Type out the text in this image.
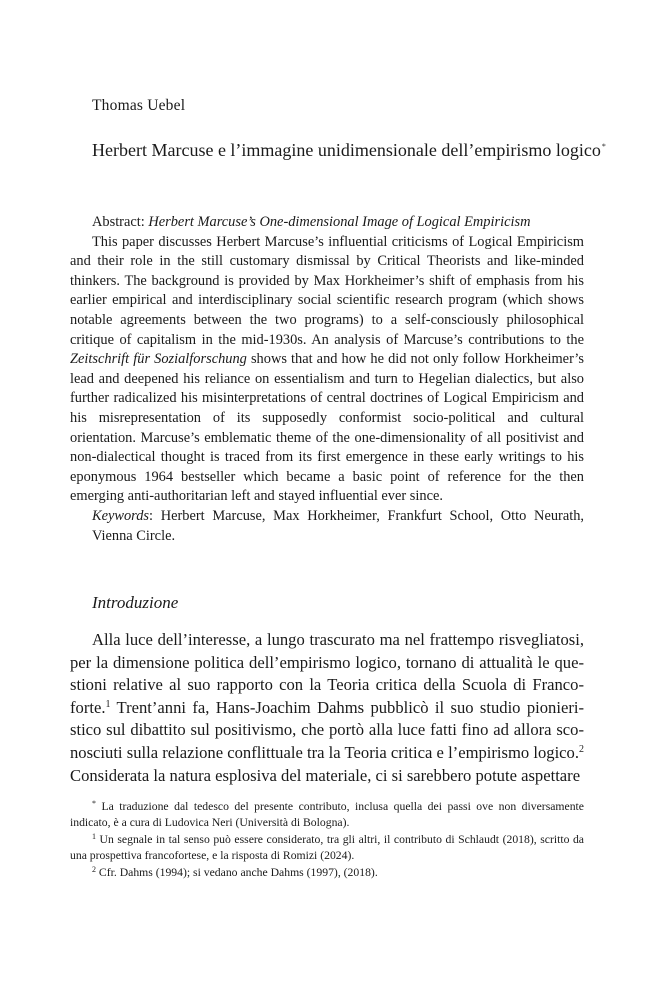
Thomas Uebel
Herbert Marcuse e l’immagine unidimensionale dell’empirismo logico*
Abstract: Herbert Marcuse’s One-dimensional Image of Logical Empiricism
This paper discusses Herbert Marcuse’s influential criticisms of Logical Empiricism and their role in the still customary dismissal by Critical Theorists and like-minded thinkers. The background is provided by Max Horkheimer’s shift of emphasis from his earlier empirical and interdisciplinary social scientific research program (which shows notable agreements between the two programs) to a self-consciously philosophical critique of capitalism in the mid-1930s. An analysis of Marcuse’s contributions to the Zeitschrift für Sozialforschung shows that and how he did not only follow Horkheimer’s lead and deepened his reliance on essentialism and turn to Hegelian dialectics, but also further radicalized his misinterpretations of central doctrines of Logical Empiricism and his misrepresentation of its supposedly conformist socio-political and cultural orientation. Marcuse’s emblematic theme of the one-dimensionality of all positivist and non-dialectical thought is traced from its first emergence in these early writings to his eponymous 1964 bestseller which became a basic point of reference for the then emerging anti-authoritarian left and stayed influential ever since.
Keywords: Herbert Marcuse, Max Horkheimer, Frankfurt School, Otto Neurath, Vienna Circle.
Introduzione
Alla luce dell’interesse, a lungo trascurato ma nel frattempo risvegliatosi, per la dimensione politica dell’empirismo logico, tornano di attualità le questioni relative al suo rapporto con la Teoria critica della Scuola di Francoforte.$^1$ Trent’anni fa, Hans-Joachim Dahms pubblicò il suo studio pionieristico sul dibattito sul positivismo, che portò alla luce fatti fino ad allora sconosciuti sulla relazione conflittuale tra la Teoria critica e l’empirismo logico.$^2$ Considerata la natura esplosiva del materiale, ci si sarebbero potute aspettare
* La traduzione dal tedesco del presente contributo, inclusa quella dei passi ove non diversamente indicato, è a cura di Ludovica Neri (Università di Bologna).
$^1$ Un segnale in tal senso può essere considerato, tra gli altri, il contributo di Schlaudt (2018), scritto da una prospettiva francofortese, e la risposta di Romizi (2024).
$^2$ Cfr. Dahms (1994); si vedano anche Dahms (1997), (2018).
